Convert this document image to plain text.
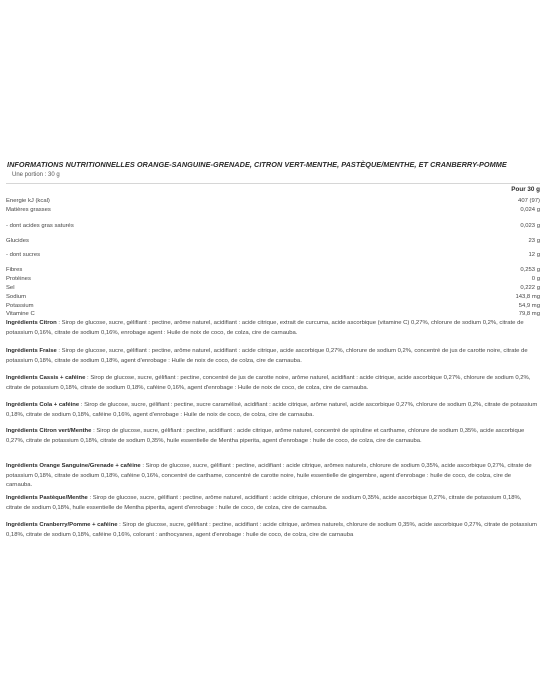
INFORMATIONS NUTRITIONNELLES ORANGE-SANGUINE-GRENADE, CITRON VERT-MENTHE, PASTÈQUE/MENTHE, ET CRANBERRY-POMME
Une portion : 30 g
Pour 30 g
Energie kJ (kcal)	407 (97)
Matières grasses	0,024 g
- dont acides gras saturés	0,023 g
Glucides	23 g
- dont sucres	12 g
Fibres	0,253 g
Protéines	0 g
Sel	0,222 g
Sodium	143,8 mg
Potassium	54,9 mg
Vitamine C	79,8 mg
Ingrédients Citron : Sirop de glucose, sucre, gélifiant : pectine, arôme naturel, acidifiant : acide citrique, extrait de curcuma, acide ascorbique (vitamine C) 0,27%, chlorure de sodium 0,2%, citrate de potassium 0,16%, citrate de sodium 0,16%, enrobage agent : Huile de noix de coco, de colza, cire de carnauba.
Ingrédients Fraise : Sirop de glucose, sucre, gélifiant : pectine, arôme naturel, acidifiant : acide citrique, acide ascorbique 0,27%, chlorure de sodium 0,2%, concentré de jus de carotte noire, citrate de potassium 0,18%, citrate de sodium 0,18%, agent d'enrobage : Huile de noix de coco, de colza, cire de carnauba.
Ingrédients Cassis + caféine : Sirop de glucose, sucre, gélifiant : pectine, concentré de jus de carotte noire, arôme naturel, acidifiant : acide citrique, acide ascorbique 0,27%, chlorure de sodium 0,2%, citrate de potassium 0,18%, citrate de sodium 0,18%, caféine 0,16%, agent d'enrobage : Huile de noix de coco, de colza, cire de carnauba.
Ingrédients Cola + caféine : Sirop de glucose, sucre, gélifiant : pectine, sucre caramélisé, acidifiant : acide citrique, arôme naturel, acide ascorbique 0,27%, chlorure de sodium 0,2%, citrate de potassium 0,18%, citrate de sodium 0,18%, caféine 0,16%, agent d'enrobage : Huile de noix de coco, de colza, cire de carnauba.
Ingrédients Citron vert/Menthe : Sirop de glucose, sucre, gélifiant : pectine, acidifiant : acide citrique, arôme naturel, concentré de spiruline et carthame, chlorure de sodium 0,35%, acide ascorbique 0,27%, citrate de potassium 0,18%, citrate de sodium 0,35%, huile essentielle de Mentha piperita, agent d'enrobage : huile de coco, de colza, cire de carnauba.
Ingrédients Orange Sanguine/Grenade + caféine : Sirop de glucose, sucre, gélifiant : pectine, acidifiant : acide citrique, arômes naturels, chlorure de sodium 0,35%, acide ascorbique 0,27%, citrate de potassium 0,18%, citrate de sodium 0,18%, caféine 0,16%, concentré de carthame, concentré de carotte noire, huile essentielle de gingembre, agent d'enrobage : huile de coco, de colza, cire de carnauba.
Ingrédients Pastèque/Menthe : Sirop de glucose, sucre, gélifiant : pectine, arôme naturel, acidifiant : acide citrique, chlorure de sodium 0,35%, acide ascorbique 0,27%, citrate de potassium 0,18%, citrate de sodium 0,18%, huile essentielle de Mentha piperita, agent d'enrobage : huile de coco, de colza, cire de carnauba.
Ingrédients Cranberry/Pomme + caféine : Sirop de glucose, sucre, gélifiant : pectine, acidifiant : acide citrique, arômes naturels, chlorure de sodium 0,35%, acide ascorbique 0,27%, citrate de potassium 0,18%, citrate de sodium 0,18%, caféine 0,16%, colorant : anthocyanes, agent d'enrobage : huile de coco, de colza, cire de carnauba
